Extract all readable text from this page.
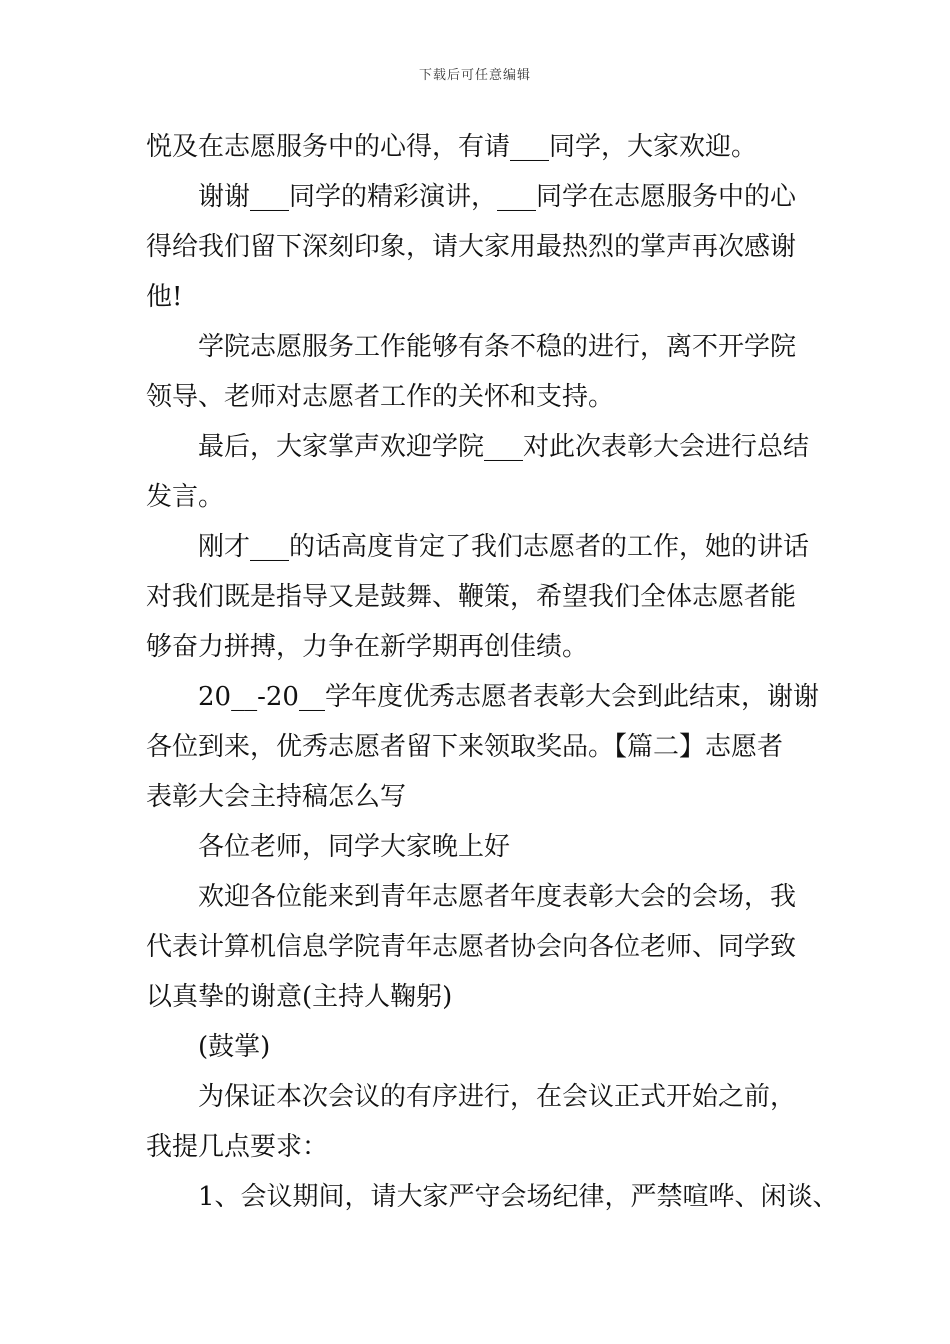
下载后可任意编辑
悦及在志愿服务中的心得，有请___同学，大家欢迎。
谢谢___同学的精彩演讲，___同学在志愿服务中的心
得给我们留下深刻印象，请大家用最热烈的掌声再次感谢
他!
学院志愿服务工作能够有条不稳的进行，离不开学院
领导、老师对志愿者工作的关怀和支持。
最后，大家掌声欢迎学院___对此次表彰大会进行总结
发言。
刚才___的话高度肯定了我们志愿者的工作，她的讲话
对我们既是指导又是鼓舞、鞭策，希望我们全体志愿者能
够奋力拼搏，力争在新学期再创佳绩。
20__-20__学年度优秀志愿者表彰大会到此结束，谢谢
各位到来，优秀志愿者留下来领取奖品。【篇二】志愿者
表彰大会主持稿怎么写
各位老师，同学大家晚上好
欢迎各位能来到青年志愿者年度表彰大会的会场，我
代表计算机信息学院青年志愿者协会向各位老师、同学致
以真挚的谢意(主持人鞠躬)
(鼓掌)
为保证本次会议的有序进行，在会议正式开始之前，
我提几点要求：
1、会议期间，请大家严守会场纪律，严禁喧哗、闲谈、
